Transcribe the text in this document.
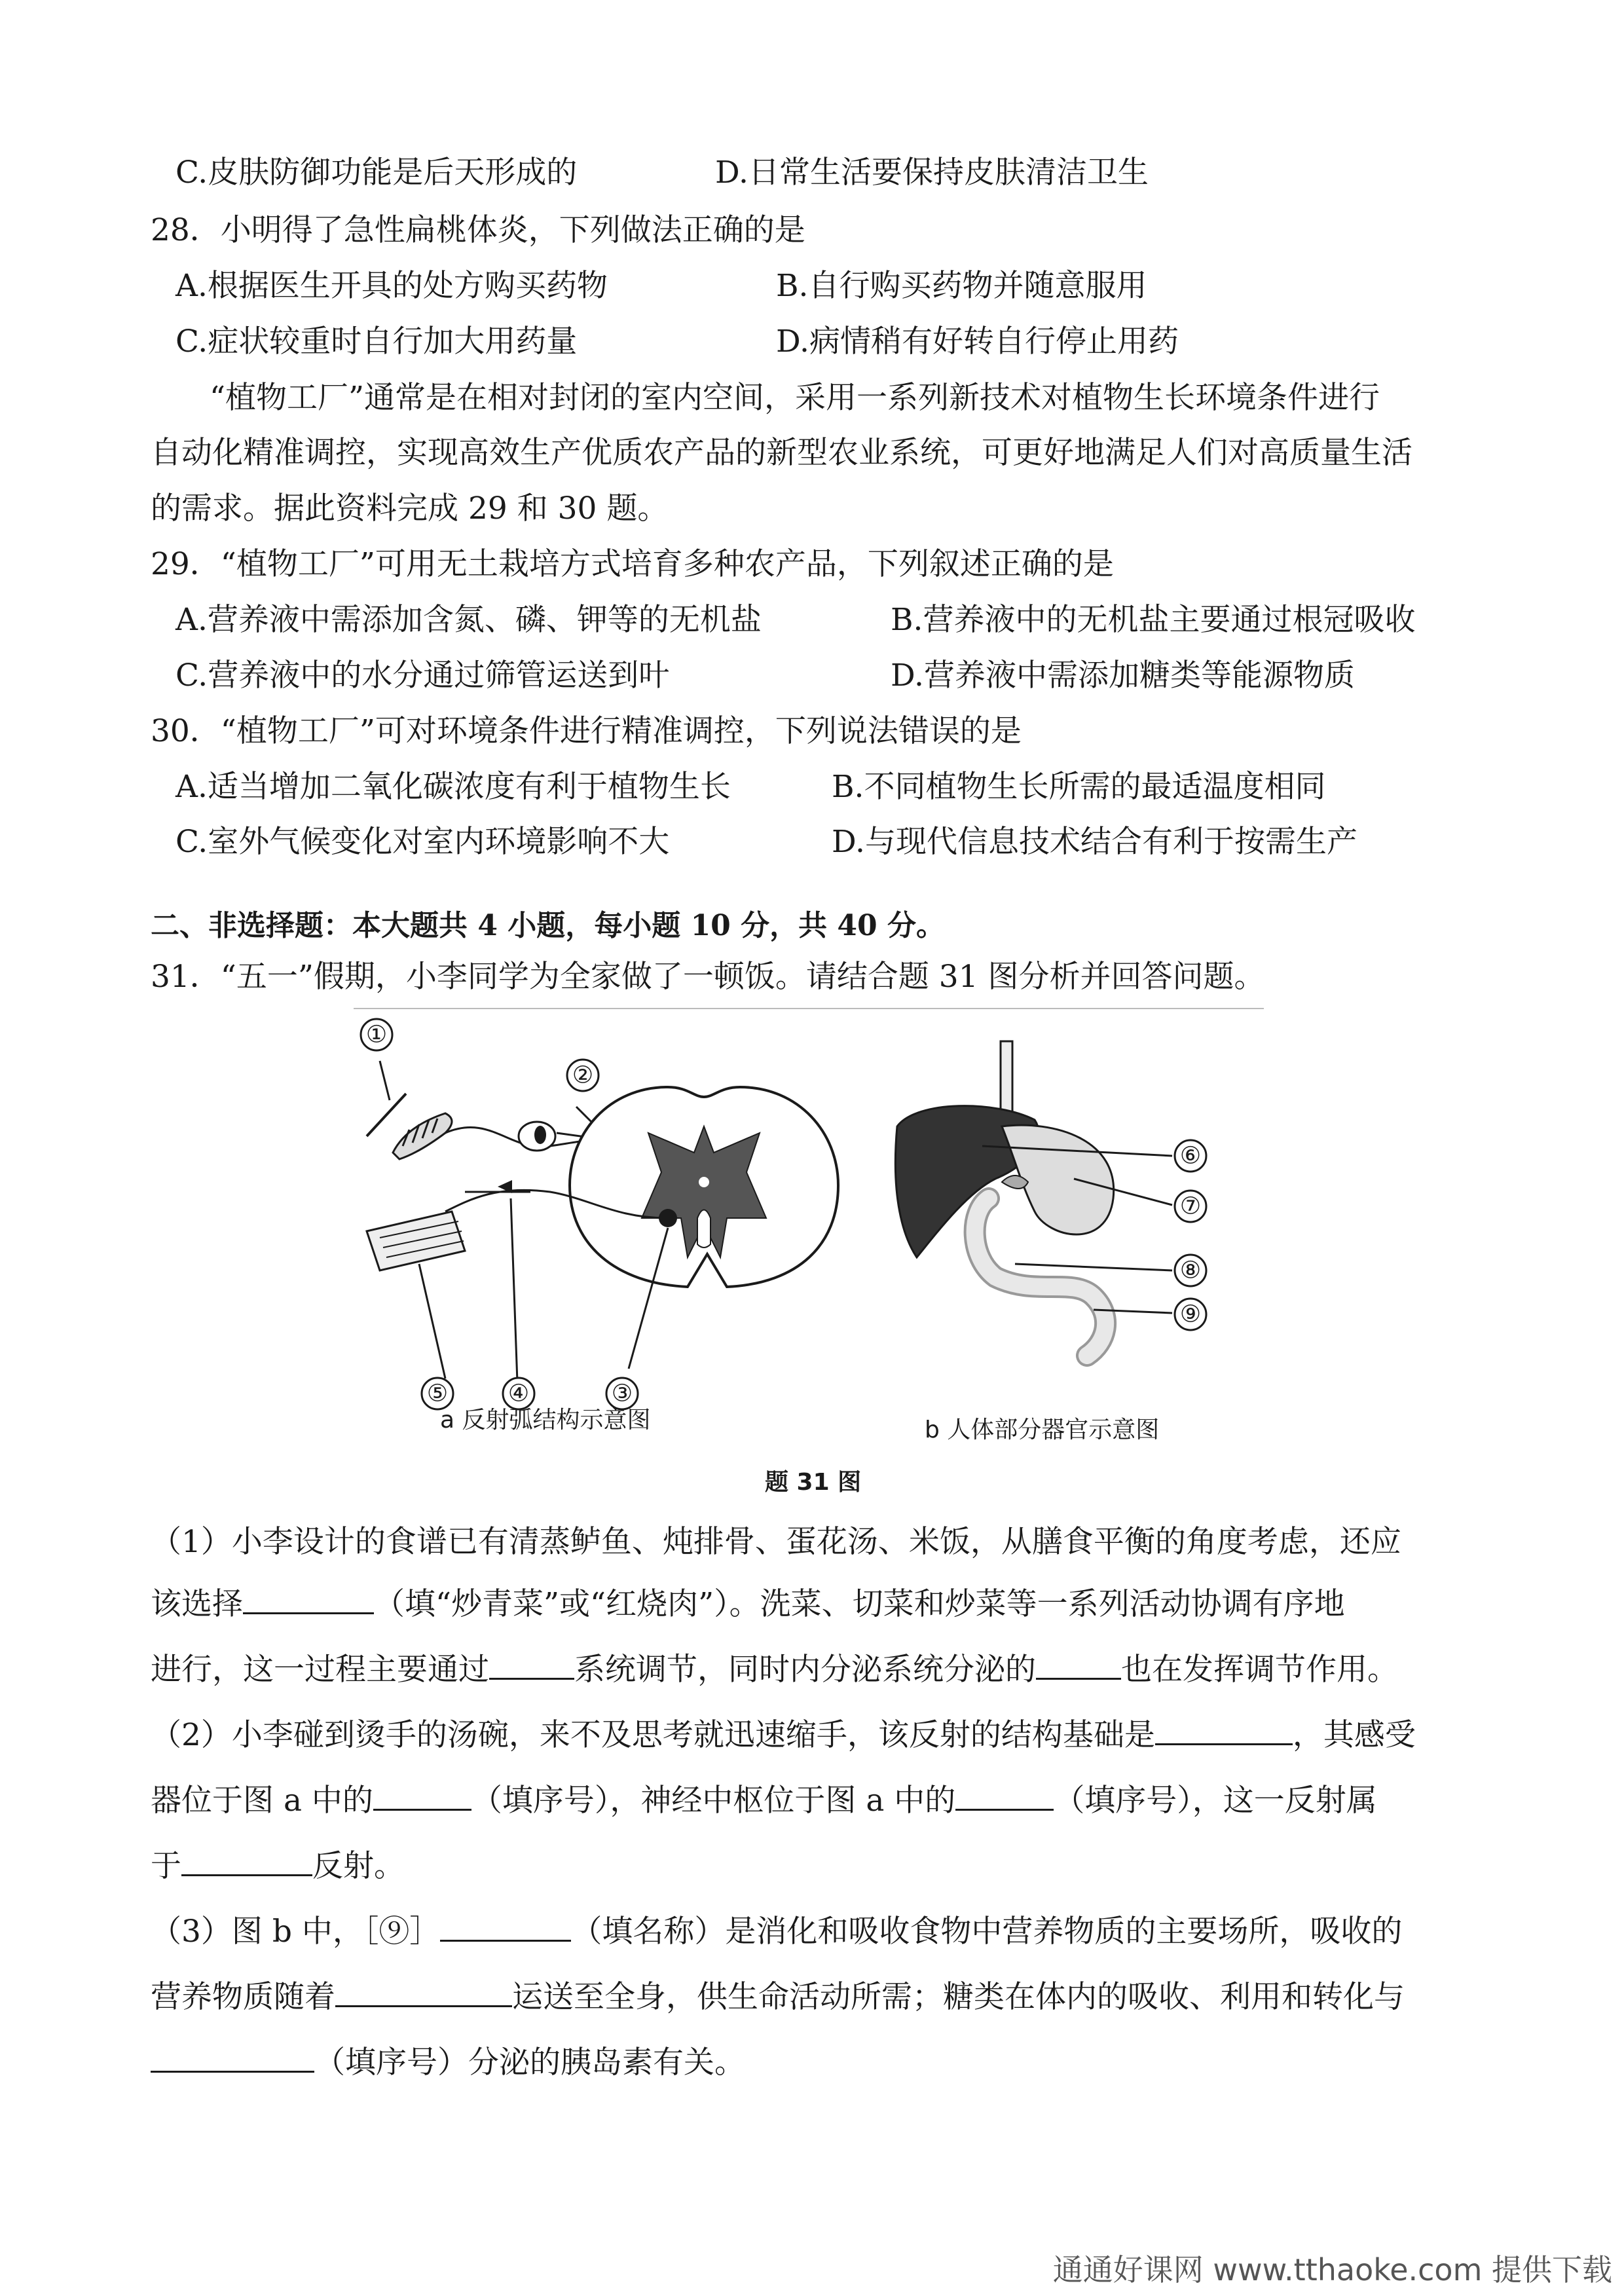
C.皮肤防御功能是后天形成的	D.日常生活要保持皮肤清洁卫生
28．小明得了急性扁桃体炎，下列做法正确的是
A.根据医生开具的处方购买药物	B.自行购买药物并随意服用
C.症状较重时自行加大用药量	D.病情稍有好转自行停止用药
“植物工厂”通常是在相对封闭的室内空间，采用一系列新技术对植物生长环境条件进行
自动化精准调控，实现高效生产优质农产品的新型农业系统，可更好地满足人们对高质量生活
的需求。据此资料完成 29 和 30 题。
29．“植物工厂”可用无土栽培方式培育多种农产品，下列叙述正确的是
A.营养液中需添加含氮、磷、钾等的无机盐	B.营养液中的无机盐主要通过根冠吸收
C.营养液中的水分通过筛管运送到叶	D.营养液中需添加糖类等能源物质
30．“植物工厂”可对环境条件进行精准调控，下列说法错误的是
A.适当增加二氧化碳浓度有利于植物生长	B.不同植物生长所需的最适温度相同
C.室外气候变化对室内环境影响不大	D.与现代信息技术结合有利于按需生产
二、非选择题：本大题共 4 小题，每小题 10 分，共 40 分。
31．“五一”假期，小李同学为全家做了一顿饭。请结合题 31 图分析并回答问题。
①
②
③
④
⑤
⑥
⑦
⑧
⑨
a 反射弧结构示意图	b 人体部分器官示意图
题 31 图
（1）小李设计的食谱已有清蒸鲈鱼、炖排骨、蛋花汤、米饭，从膳食平衡的角度考虑，还应
该选择	（填“炒青菜”或“红烧肉”）。洗菜、切菜和炒菜等一系列活动协调有序地
进行，这一过程主要通过	系统调节，同时内分泌系统分泌的	也在发挥调节作用。
（2）小李碰到烫手的汤碗，来不及思考就迅速缩手，该反射的结构基础是	，其感受
器位于图 a 中的	（填序号），神经中枢位于图 a 中的	（填序号），这一反射属
于	反射。
（3）图 b 中，［⑨］	（填名称）是消化和吸收食物中营养物质的主要场所，吸收的
营养物质随着	运送至全身，供生命活动所需；糖类在体内的吸收、利用和转化与
（填序号）分泌的胰岛素有关。
通通好课网 www.tthaoke.com 提供下载
